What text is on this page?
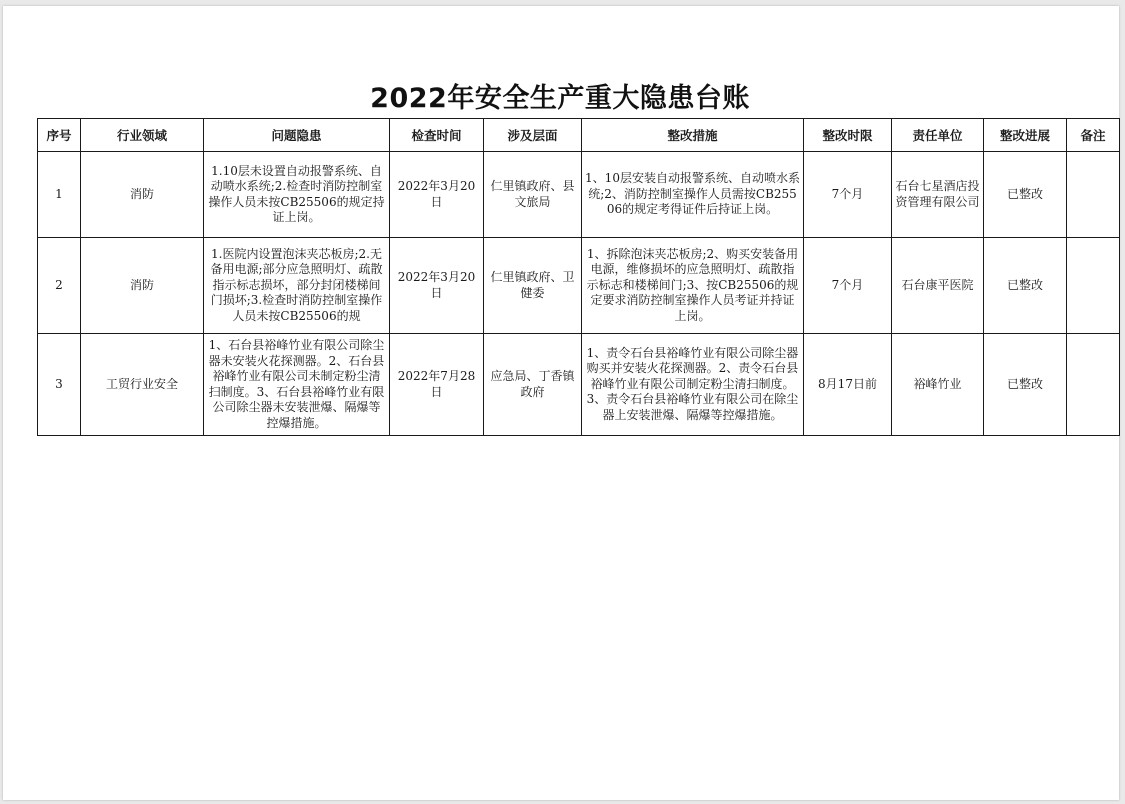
2022年安全生产重大隐患台账
序号	行业领域	问题隐患	检查时间	涉及层面	整改措施	整改时限	责任单位	整改进展	备注
1	消防	1.10层未设置自动报警系统、自动喷水系统;2.检查时消防控制室操作人员未按CB25506的规定持证上岗。	2022年3月20日	仁里镇政府、县文旅局	1、10层安装自动报警系统、自动喷水系统;2、消防控制室操作人员需按CB25506的规定考得证件后持证上岗。	7个月	石台七星酒店投资管理有限公司	已整改	
2	消防	1.医院内设置泡沫夹芯板房;2.无备用电源;部分应急照明灯、疏散指示标志损坏，部分封闭楼梯间门损坏;3.检查时消防控制室操作人员未按CB25506的规	2022年3月20日	仁里镇政府、卫健委	1、拆除泡沫夹芯板房;2、购买安装备用电源，维修损坏的应急照明灯、疏散指示标志和楼梯间门;3、按CB25506的规定要求消防控制室操作人员考证并持证上岗。	7个月	石台康平医院	已整改	
3	工贸行业安全	1、石台县裕峰竹业有限公司除尘器未安装火花探测器。2、石台县裕峰竹业有限公司未制定粉尘清扫制度。3、石台县裕峰竹业有限公司除尘器未安装泄爆、隔爆等控爆措施。	2022年7月28日	应急局、丁香镇政府	1、责令石台县裕峰竹业有限公司除尘器购买并安装火花探测器。2、责令石台县裕峰竹业有限公司制定粉尘清扫制度。3、责令石台县裕峰竹业有限公司在除尘器上安装泄爆、隔爆等控爆措施。	8月17日前	裕峰竹业	已整改	
